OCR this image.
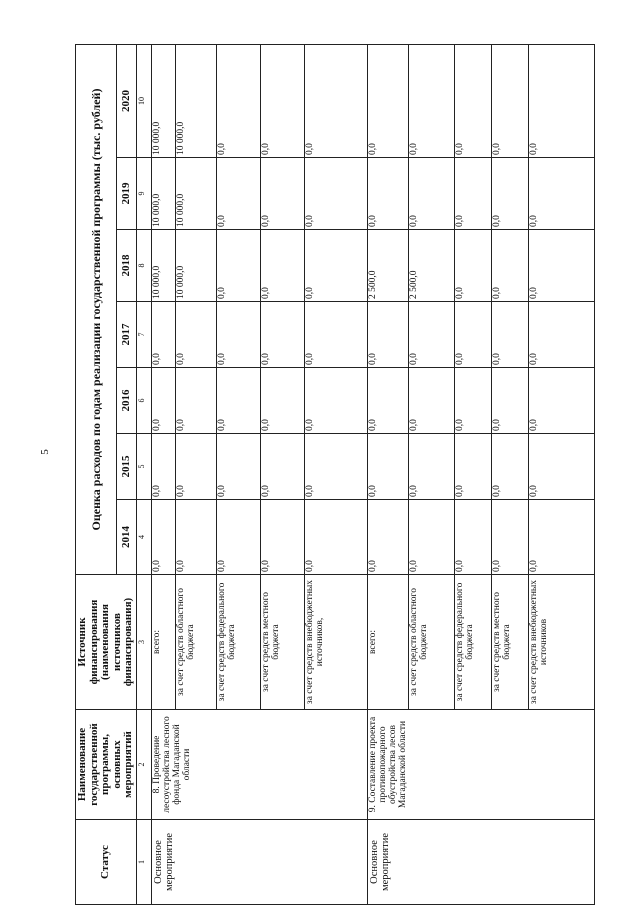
5
Статус	Наименование государственной программы, основных мероприятий	Источник финансирования (наименования источников финансирования)	Оценка расходов по годам реализации государственной программы (тыс. рублей)						
			2014	2015	2016	2017	2018	2019	2020
1	2	3	4	5	6	7	8	9	10
Основное мероприятие	8. Проведение лесоустройства лесного фонда Магаданской области	всего:	0,0	0,0	0,0	0,0	10 000,0	10 000,0	10 000,0
		за счет средств областного бюджета	0,0	0,0	0,0	0,0	10 000,0	10 000,0	10 000,0
		за счет средств федерального бюджета	0,0	0,0	0,0	0,0	0,0	0,0	0,0
		за счет средств местного бюджета	0,0	0,0	0,0	0,0	0,0	0,0	0,0
		за счет средств внебюджетных источников,	0,0	0,0	0,0	0,0	0,0	0,0	0,0
Основное мероприятие	9. Составление проекта противопожарного обустройства лесов Магаданской области	всего:	0,0	0,0	0,0	0,0	2 500,0	0,0	0,0
		за счет средств областного бюджета	0,0	0,0	0,0	0,0	2 500,0	0,0	0,0
		за счет средств федерального бюджета	0,0	0,0	0,0	0,0	0,0	0,0	0,0
		за счет средств местного бюджета	0,0	0,0	0,0	0,0	0,0	0,0	0,0
		за счет средств внебюджетных источников	0,0	0,0	0,0	0,0	0,0	0,0	0,0
